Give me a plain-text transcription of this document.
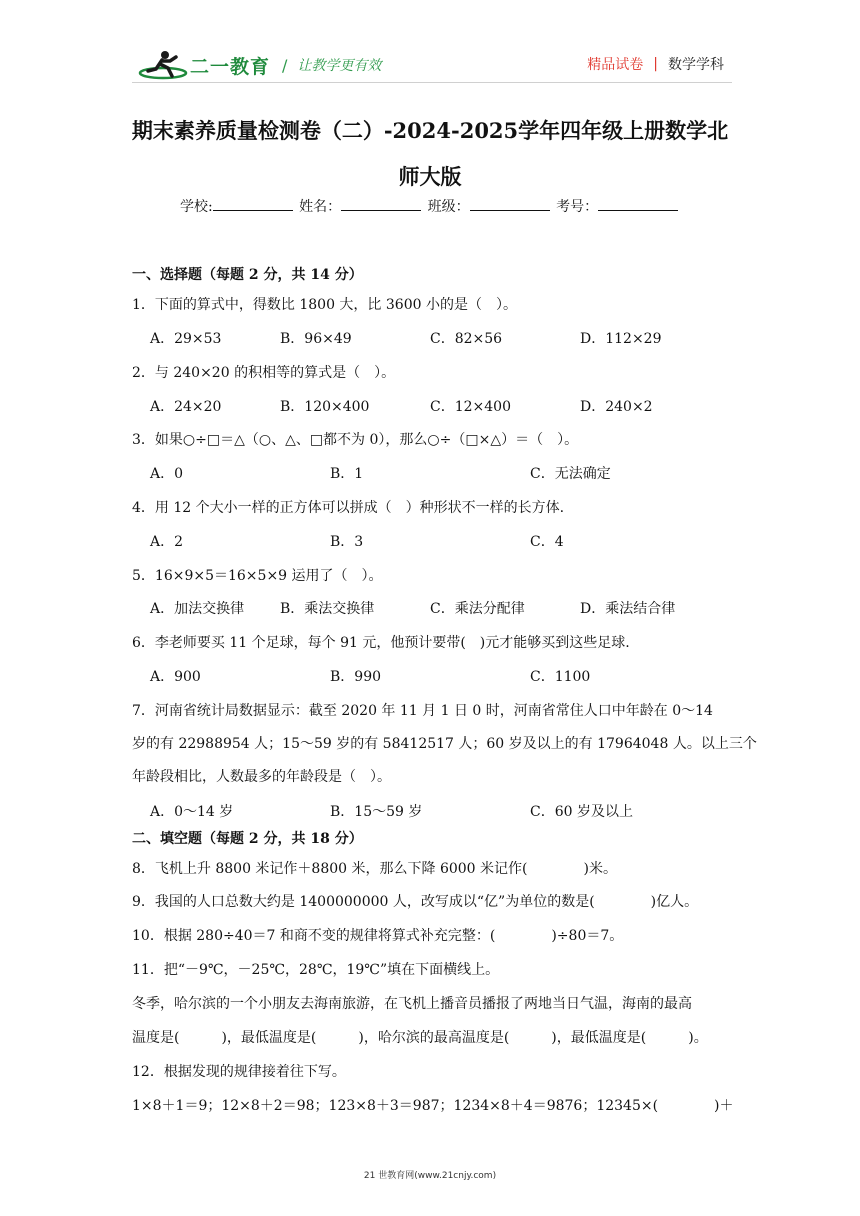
二一教育 / 让教学更有效	精品试卷 | 数学学科
期末素养质量检测卷（二）-2024-2025学年四年级上册数学北
师大版
学校:	姓名：	班级：	考号：
一、选择题（每题 2 分，共 14 分）
1．下面的算式中，得数比 1800 大，比 3600 小的是（　）。
A．29×53	B．96×49	C．82×56	D．112×29
2．与 240×20 的积相等的算式是（　）。
A．24×20	B．120×400	C．12×400	D．240×2
3．如果○÷□＝△（○、△、□都不为 0），那么○÷（□×△）＝（　）。
A．0	B．1	C．无法确定
4．用 12 个大小一样的正方体可以拼成（　）种形状不一样的长方体.
A．2	B．3	C．4
5．16×9×5＝16×5×9 运用了（　）。
A．加法交换律	B．乘法交换律	C．乘法分配律	D．乘法结合律
6．李老师要买 11 个足球，每个 91 元，他预计要带(　)元才能够买到这些足球.
A．900	B．990	C．1100
7．河南省统计局数据显示：截至 2020 年 11 月 1 日 0 时，河南省常住人口中年龄在 0～14
岁的有 22988954 人；15～59 岁的有 58412517 人；60 岁及以上的有 17964048 人。以上三个
年龄段相比，人数最多的年龄段是（　）。
A．0～14 岁	B．15～59 岁	C．60 岁及以上
二、填空题（每题 2 分，共 18 分）
8．飞机上升 8800 米记作＋8800 米，那么下降 6000 米记作(　　　　)米。
9．我国的人口总数大约是 1400000000 人，改写成以“亿”为单位的数是(　　　　)亿人。
10．根据 280÷40＝7 和商不变的规律将算式补充完整：(　　　　)÷80＝7。
11．把“－9℃，－25℃，28℃，19℃”填在下面横线上。
冬季，哈尔滨的一个小朋友去海南旅游，在飞机上播音员播报了两地当日气温，海南的最高
温度是(　　　)，最低温度是(　　　)，哈尔滨的最高温度是(　　　)，最低温度是(　　　)。
12．根据发现的规律接着往下写。
1×8＋1＝9；12×8＋2＝98；123×8＋3＝987；1234×8＋4＝9876；12345×(　　　　)＋
21 世教育网(www.21cnjy.com)
